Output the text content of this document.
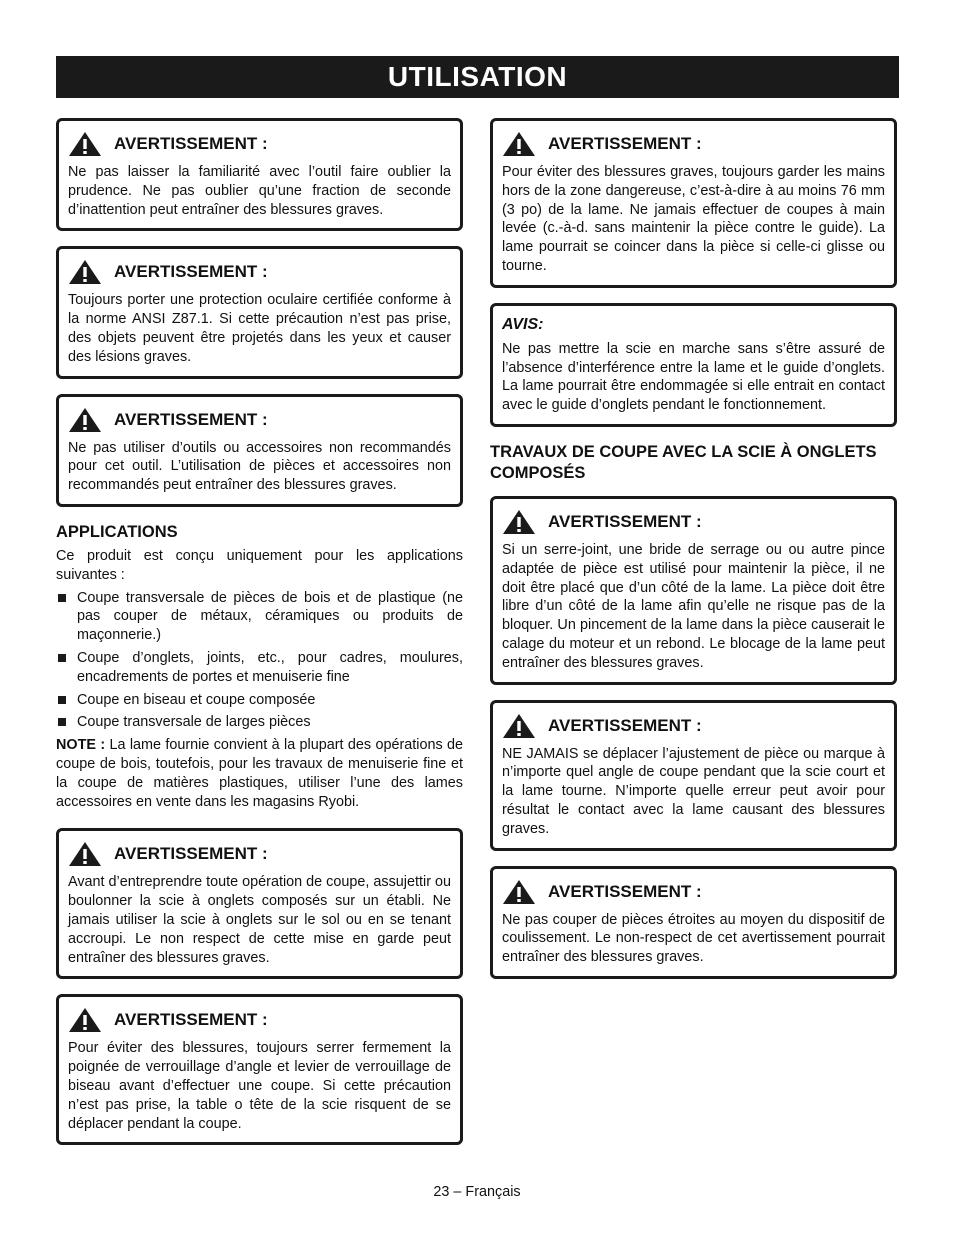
UTILISATION
AVERTISSEMENT :
Ne pas laisser la familiarité avec l’outil faire oublier la prudence. Ne pas oublier qu’une fraction de seconde d’inattention peut entraîner des blessures graves.
AVERTISSEMENT :
Toujours porter une protection oculaire certifiée conforme à la norme ANSI Z87.1. Si cette précaution n’est pas prise, des objets peuvent être projetés dans les yeux et causer des lésions graves.
AVERTISSEMENT :
Ne pas utiliser d’outils ou accessoires non recommandés pour cet outil. L’utilisation de pièces et accessoires non recommandés peut entraîner des blessures graves.
APPLICATIONS

Ce produit est conçu uniquement pour les applications suivantes :

Coupe transversale de pièces de bois et de plastique (ne pas couper de métaux, céramiques ou produits de maçonnerie.)
Coupe d’onglets, joints, etc., pour cadres, moulures, encadrements de portes et menuiserie fine
Coupe en biseau et coupe composée
Coupe transversale de larges pièces

NOTE : La lame fournie convient à la plupart des opérations de coupe de bois, toutefois, pour les travaux de menuiserie fine et la coupe de matières plastiques, utiliser l’une des lames accessoires en vente dans les magasins Ryobi.

AVERTISSEMENT :
Avant d’entreprendre toute opération de coupe, assujettir ou boulonner la scie à onglets composés sur un établi. Ne jamais utiliser la scie à onglets sur le sol ou en se tenant accroupi. Le non respect de cette mise en garde peut entraîner des blessures graves.
AVERTISSEMENT :
Pour éviter des blessures, toujours serrer fermement la poignée de verrouillage d’angle et levier de verrouillage de biseau avant d’effectuer une coupe. Si cette précaution n’est pas prise, la table o tête de la scie risquent de se déplacer pendant la coupe.
AVERTISSEMENT :
Pour éviter des blessures graves, toujours garder les mains hors de la zone dangereuse, c’est-à-dire à au moins 76 mm (3 po) de la lame. Ne jamais effectuer de coupes à main levée (c.-à-d. sans maintenir la pièce contre le guide). La lame pourrait se coincer dans la pièce si celle-ci glisse ou tourne.
AVIS:
Ne pas mettre la scie en marche sans s’être assuré de l’absence d’interférence entre la lame et le guide d’onglets. La lame pourrait être endommagée si elle entrait en contact avec le guide d’onglets pendant le fonctionnement.
TRAVAUX DE COUPE AVEC LA SCIE À ONGLETS COMPOSÉS
AVERTISSEMENT :
Si un serre-joint, une bride de serrage ou ou autre pince adaptée de pièce est utilisé pour maintenir la pièce, il ne doit être placé que d’un côté de la lame. La pièce doit être libre d’un côté de la lame afin qu’elle ne risque pas de la bloquer. Un pincement de la lame dans la pièce causerait le calage du moteur et un rebond. Le blocage de la lame peut entraîner des blessures graves.
AVERTISSEMENT :
NE JAMAIS se déplacer l’ajustement de pièce ou marque à n’importe quel angle de coupe pendant que la scie court et la lame tourne. N’importe quelle erreur peut avoir pour résultat le contact avec la lame causant des blessures graves.
AVERTISSEMENT :
Ne pas couper de pièces étroites au moyen du dispositif de coulissement. Le non-respect de cet avertissement pourrait entraîner des blessures graves.
23 – Français
